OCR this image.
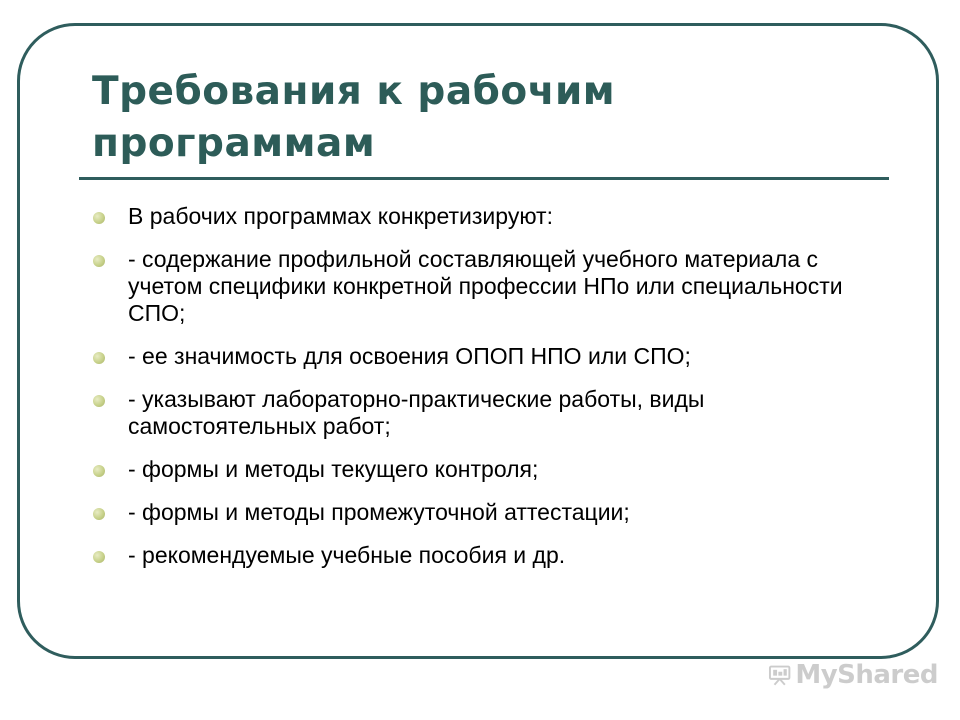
Требования к рабочим программам
В рабочих программах конкретизируют:
- содержание профильной составляющей учебного материала с учетом специфики конкретной профессии НПо или специальности СПО;
- ее значимость для освоения ОПОП НПО или СПО;
- указывают лабораторно-практические работы, виды самостоятельных работ;
- формы и методы текущего контроля;
- формы и методы промежуточной аттестации;
- рекомендуемые учебные пособия и др.
MyShared
